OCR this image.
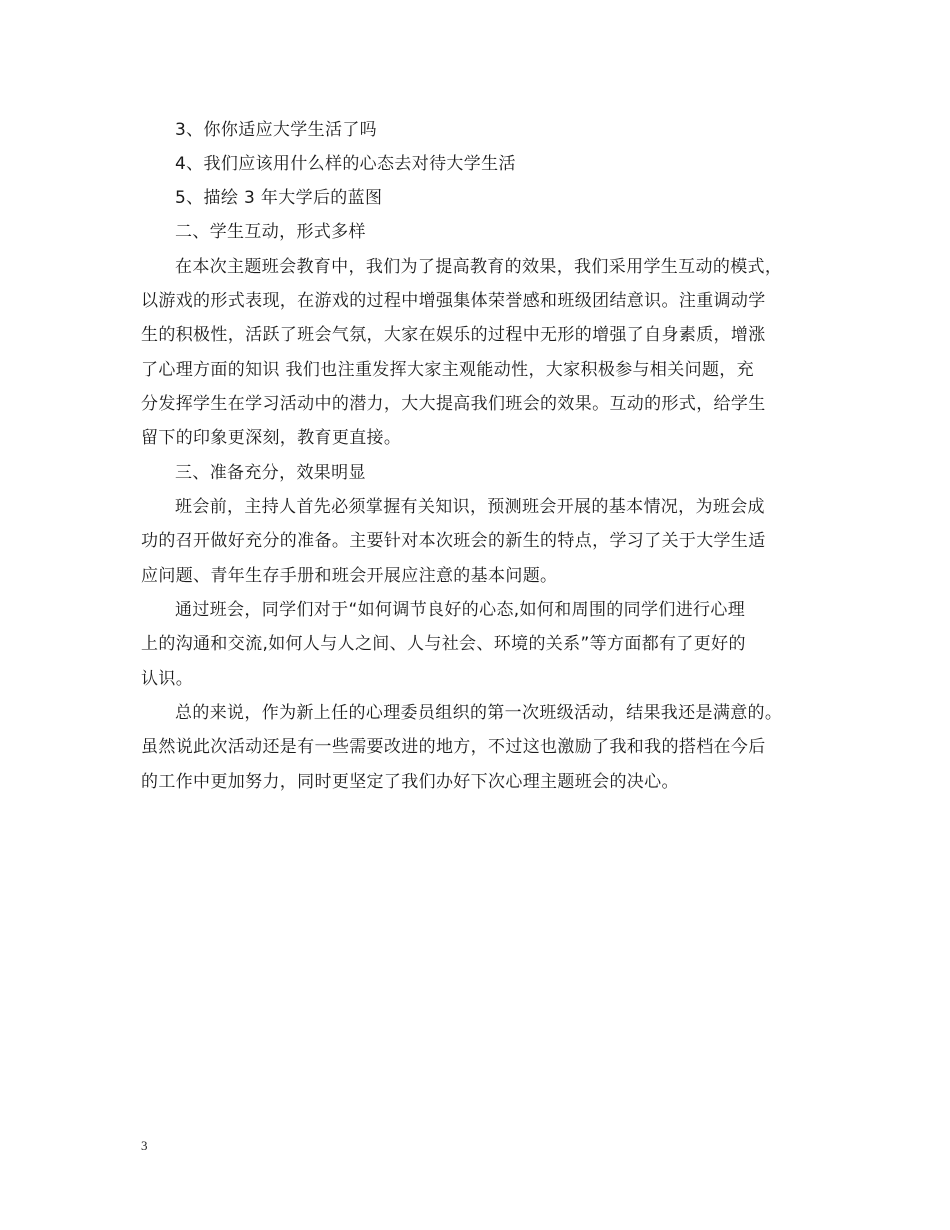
3、你你适应大学生活了吗
4、我们应该用什么样的心态去对待大学生活
5、描绘 3 年大学后的蓝图
二、学生互动，形式多样
在本次主题班会教育中，我们为了提高教育的效果，我们采用学生互动的模式，
以游戏的形式表现，在游戏的过程中增强集体荣誉感和班级团结意识。注重调动学
生的积极性，活跃了班会气氛，大家在娱乐的过程中无形的增强了自身素质，增涨
了心理方面的知识 我们也注重发挥大家主观能动性，大家积极参与相关问题，充
分发挥学生在学习活动中的潜力，大大提高我们班会的效果。互动的形式，给学生
留下的印象更深刻，教育更直接。
三、准备充分，效果明显
班会前，主持人首先必须掌握有关知识，预测班会开展的基本情况，为班会成
功的召开做好充分的准备。主要针对本次班会的新生的特点，学习了关于大学生适
应问题、青年生存手册和班会开展应注意的基本问题。
通过班会，同学们对于“如何调节良好的心态,如何和周围的同学们进行心理
上的沟通和交流,如何人与人之间、人与社会、环境的关系”等方面都有了更好的
认识。
总的来说，作为新上任的心理委员组织的第一次班级活动，结果我还是满意的。
虽然说此次活动还是有一些需要改进的地方，不过这也激励了我和我的搭档在今后
的工作中更加努力，同时更坚定了我们办好下次心理主题班会的决心。
3
